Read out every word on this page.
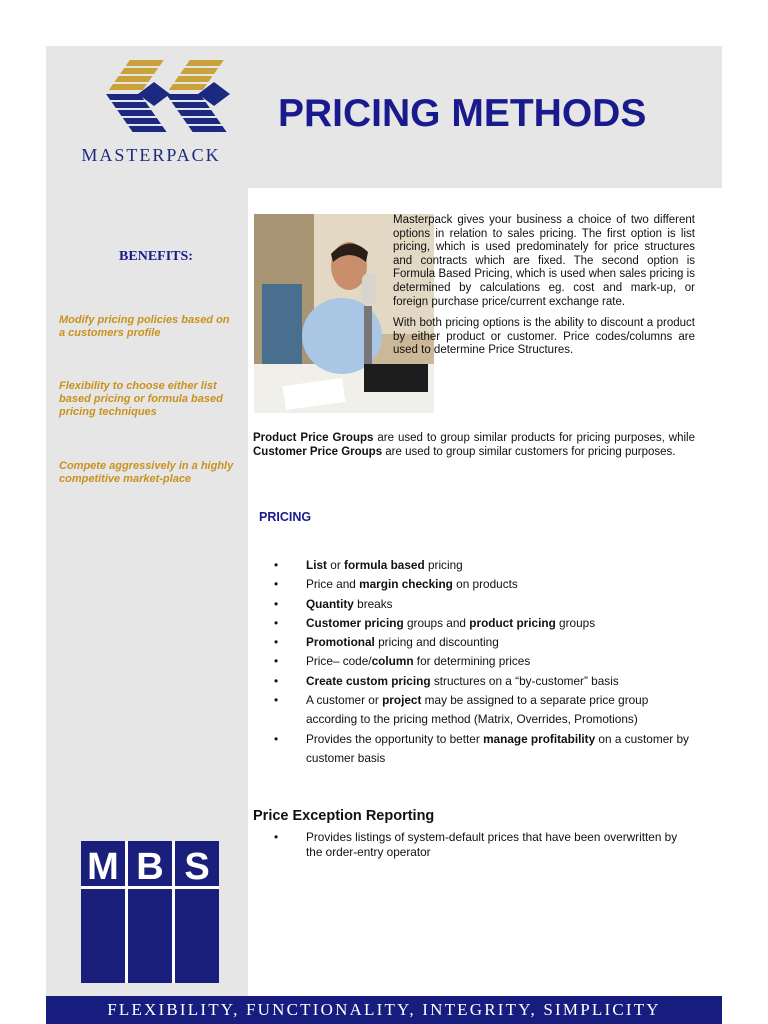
MASTERPACK
PRICING METHODS
BENEFITS:
Modify pricing policies based on a customers profile
Flexibility to choose either list based pricing or formula based pricing techniques
Compete aggressively in a highly competitive market-place

Masterpack gives your business a choice of two different options in relation to sales pricing. The first option is list pricing, which is used predominately for price structures and contracts which are fixed. The second option is Formula Based Pricing, which is used when sales pricing is determined by calculations eg. cost and mark-up, or foreign purchase price/current exchange rate.

With both pricing options is the ability to discount a product by either product or customer. Price codes/columns are used to determine Price Structures.

Product Price Groups are used to group similar products for pricing purposes, while Customer Price Groups are used to group similar customers for pricing purposes.
PRICING
• List or formula based pricing
• Price and margin checking on products
• Quantity breaks
• Customer pricing groups and product pricing groups
• Promotional pricing and discounting
• Price– code/column for determining prices
• Create custom pricing structures on a “by-customer” basis
• A customer or project may be assigned to a separate price group according to the pricing method (Matrix, Overrides, Promotions)
• Provides the opportunity to better manage profitability on a customer by customer basis
Price Exception Reporting
• Provides listings of system-default prices that have been overwritten by the order-entry operator
M B S
FLEXIBILITY, FUNCTIONALITY, INTEGRITY, SIMPLICITY
